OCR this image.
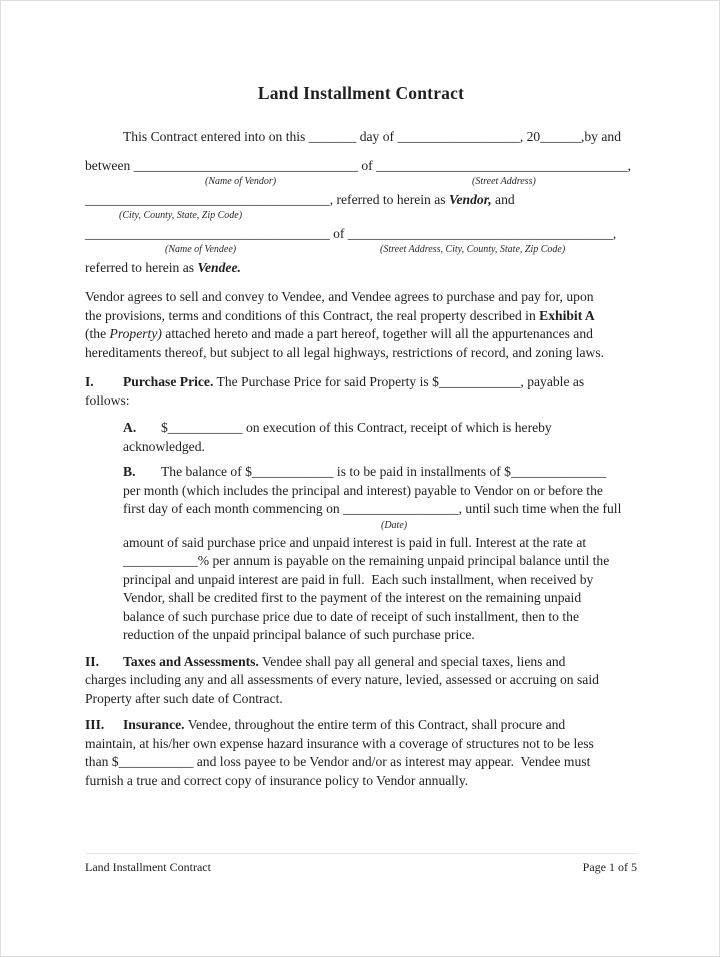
Land Installment Contract
This Contract entered into on this _______ day of __________________, 20______,by and
between _________________________________ of _____________________________________,
(Name of Vendor)	(Street Address)
____________________________________, referred to herein as Vendor, and
(City, County, State, Zip Code)
____________________________________ of _______________________________________,
(Name of Vendee)	(Street Address, City, County, State, Zip Code)
referred to herein as Vendee.
Vendor agrees to sell and convey to Vendee, and Vendee agrees to purchase and pay for, upon
the provisions, terms and conditions of this Contract, the real property described in Exhibit A
(the Property) attached hereto and made a part hereof, together will all the appurtenances and
hereditaments thereof, but subject to all legal highways, restrictions of record, and zoning laws.
I. Purchase Price. The Purchase Price for said Property is $____________, payable as
follows:
A. $___________ on execution of this Contract, receipt of which is hereby
acknowledged.
B. The balance of $____________ is to be paid in installments of $______________
per month (which includes the principal and interest) payable to Vendor on or before the
first day of each month commencing on _________________, until such time when the full
(Date)
amount of said purchase price and unpaid interest is paid in full. Interest at the rate at
___________% per annum is payable on the remaining unpaid principal balance until the
principal and unpaid interest are paid in full.  Each such installment, when received by
Vendor, shall be credited first to the payment of the interest on the remaining unpaid
balance of such purchase price due to date of receipt of such installment, then to the
reduction of the unpaid principal balance of such purchase price.
II. Taxes and Assessments. Vendee shall pay all general and special taxes, liens and
charges including any and all assessments of every nature, levied, assessed or accruing on said
Property after such date of Contract.
III. Insurance. Vendee, throughout the entire term of this Contract, shall procure and
maintain, at his/her own expense hazard insurance with a coverage of structures not to be less
than $___________ and loss payee to be Vendor and/or as interest may appear.  Vendee must
furnish a true and correct copy of insurance policy to Vendor annually.
Land Installment Contract	Page 1 of 5
